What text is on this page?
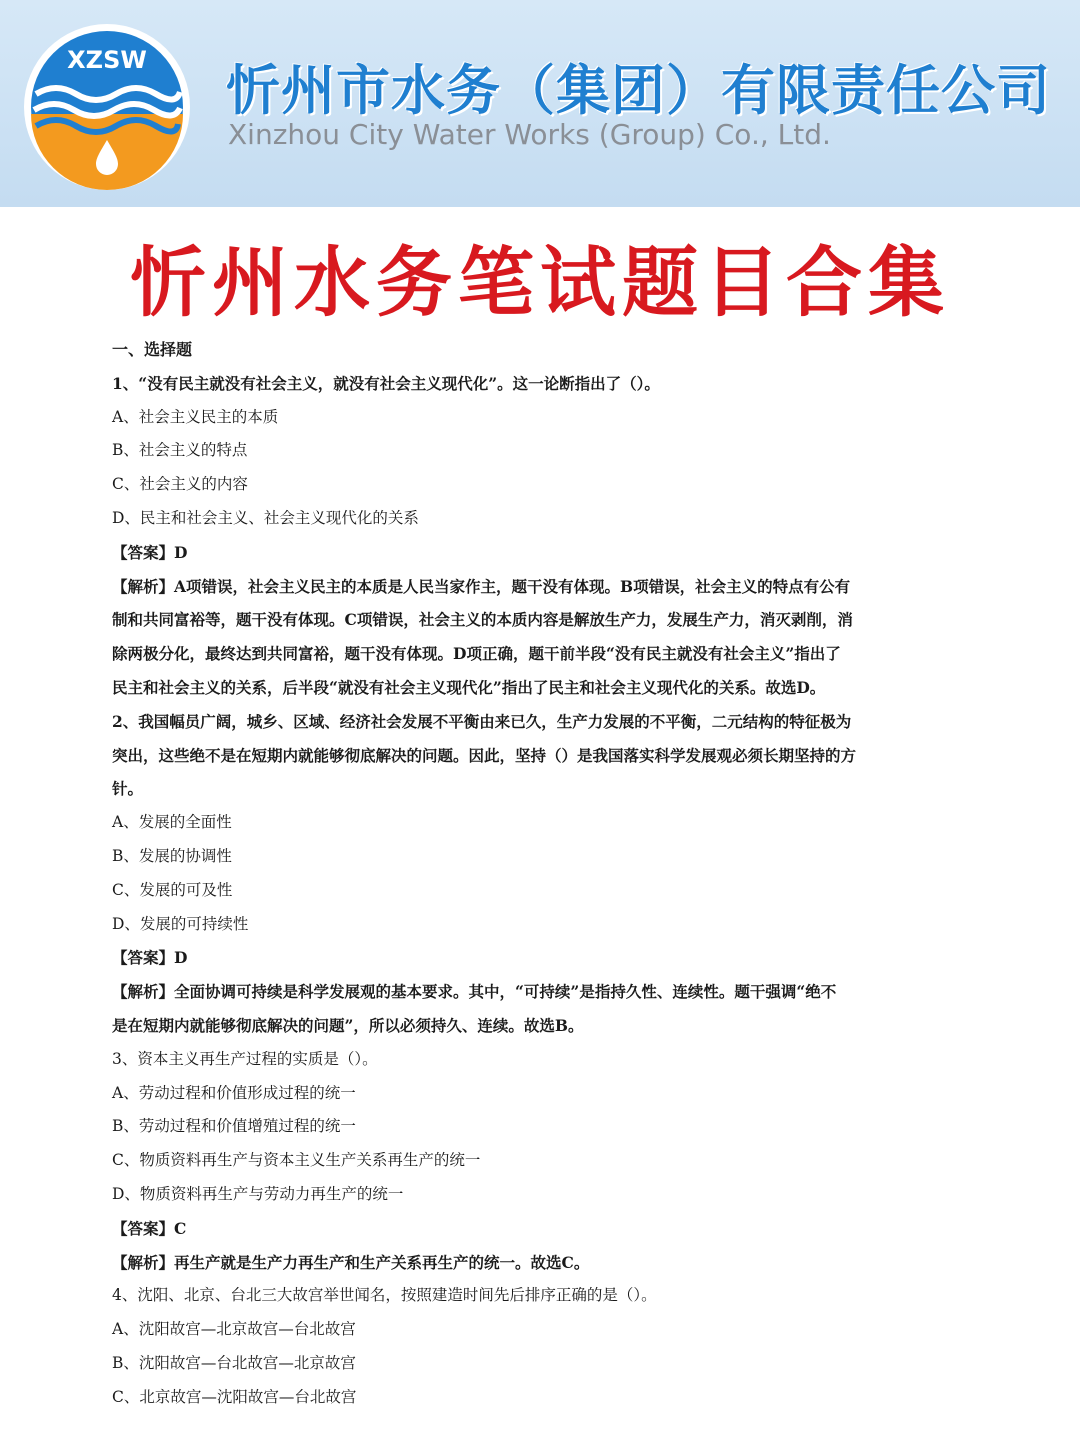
XZSW 忻州市水务（集团）有限责任公司
Xinzhou City Water Works (Group) Co., Ltd.
忻州水务笔试题目合集
一、选择题
1、“没有民主就没有社会主义，就没有社会主义现代化”。这一论断指出了（）。
A、社会主义民主的本质
B、社会主义的特点
C、社会主义的内容
D、民主和社会主义、社会主义现代化的关系
【答案】D
【解析】A项错误，社会主义民主的本质是人民当家作主，题干没有体现。B项错误，社会主义的特点有公有
制和共同富裕等，题干没有体现。C项错误，社会主义的本质内容是解放生产力，发展生产力，消灭剥削，消
除两极分化，最终达到共同富裕，题干没有体现。D项正确，题干前半段“没有民主就没有社会主义”指出了
民主和社会主义的关系，后半段“就没有社会主义现代化”指出了民主和社会主义现代化的关系。故选D。
2、我国幅员广阔，城乡、区域、经济社会发展不平衡由来已久，生产力发展的不平衡，二元结构的特征极为
突出，这些绝不是在短期内就能够彻底解决的问题。因此，坚持（）是我国落实科学发展观必须长期坚持的方
针。
A、发展的全面性
B、发展的协调性
C、发展的可及性
D、发展的可持续性
【答案】D
【解析】全面协调可持续是科学发展观的基本要求。其中，“可持续”是指持久性、连续性。题干强调“绝不
是在短期内就能够彻底解决的问题”，所以必须持久、连续。故选B。
3、资本主义再生产过程的实质是（）。
A、劳动过程和价值形成过程的统一
B、劳动过程和价值增殖过程的统一
C、物质资料再生产与资本主义生产关系再生产的统一
D、物质资料再生产与劳动力再生产的统一
【答案】C
【解析】再生产就是生产力再生产和生产关系再生产的统一。故选C。
4、沈阳、北京、台北三大故宫举世闻名，按照建造时间先后排序正确的是（）。
A、沈阳故宫—北京故宫—台北故宫
B、沈阳故宫—台北故宫—北京故宫
C、北京故宫—沈阳故宫—台北故宫
